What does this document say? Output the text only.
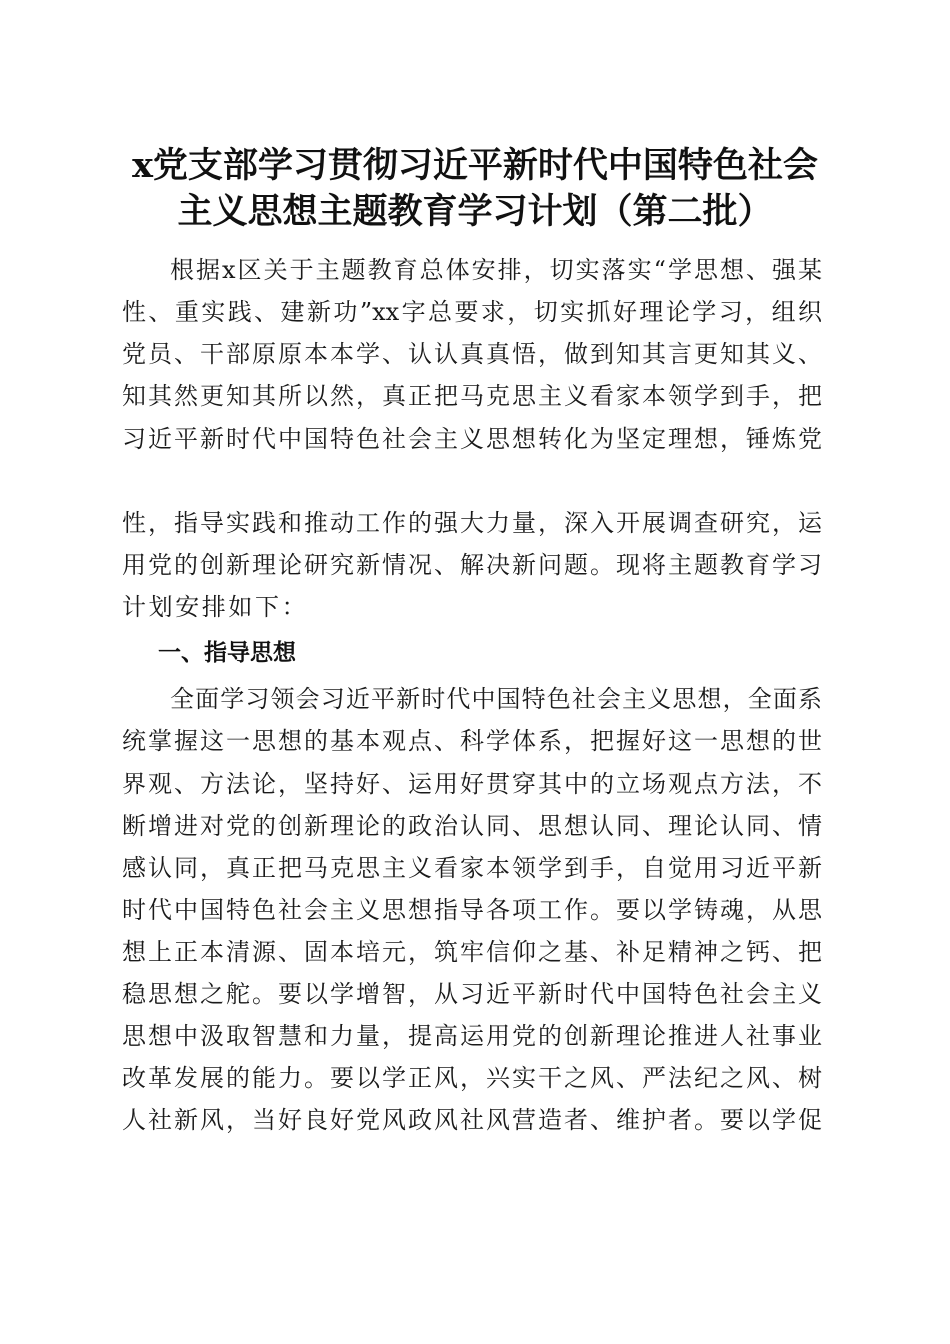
x党支部学习贯彻习近平新时代中国特色社会
主义思想主题教育学习计划（第二批）
根据x区关于主题教育总体安排，切实落实“学思想、强某
性、重实践、建新功”xx字总要求，切实抓好理论学习，组织
党员、干部原原本本学、认认真真悟，做到知其言更知其义、
知其然更知其所以然，真正把马克思主义看家本领学到手，把
习近平新时代中国特色社会主义思想转化为坚定理想，锤炼党
性，指导实践和推动工作的强大力量，深入开展调查研究，运
用党的创新理论研究新情况、解决新问题。现将主题教育学习
计划安排如下：
一、指导思想
全面学习领会习近平新时代中国特色社会主义思想，全面系
统掌握这一思想的基本观点、科学体系，把握好这一思想的世
界观、方法论，坚持好、运用好贯穿其中的立场观点方法，不
断增进对党的创新理论的政治认同、思想认同、理论认同、情
感认同，真正把马克思主义看家本领学到手，自觉用习近平新
时代中国特色社会主义思想指导各项工作。要以学铸魂，从思
想上正本清源、固本培元，筑牢信仰之基、补足精神之钙、把
稳思想之舵。要以学增智，从习近平新时代中国特色社会主义
思想中汲取智慧和力量，提高运用党的创新理论推进人社事业
改革发展的能力。要以学正风，兴实干之风、严法纪之风、树
人社新风，当好良好党风政风社风营造者、维护者。要以学促
